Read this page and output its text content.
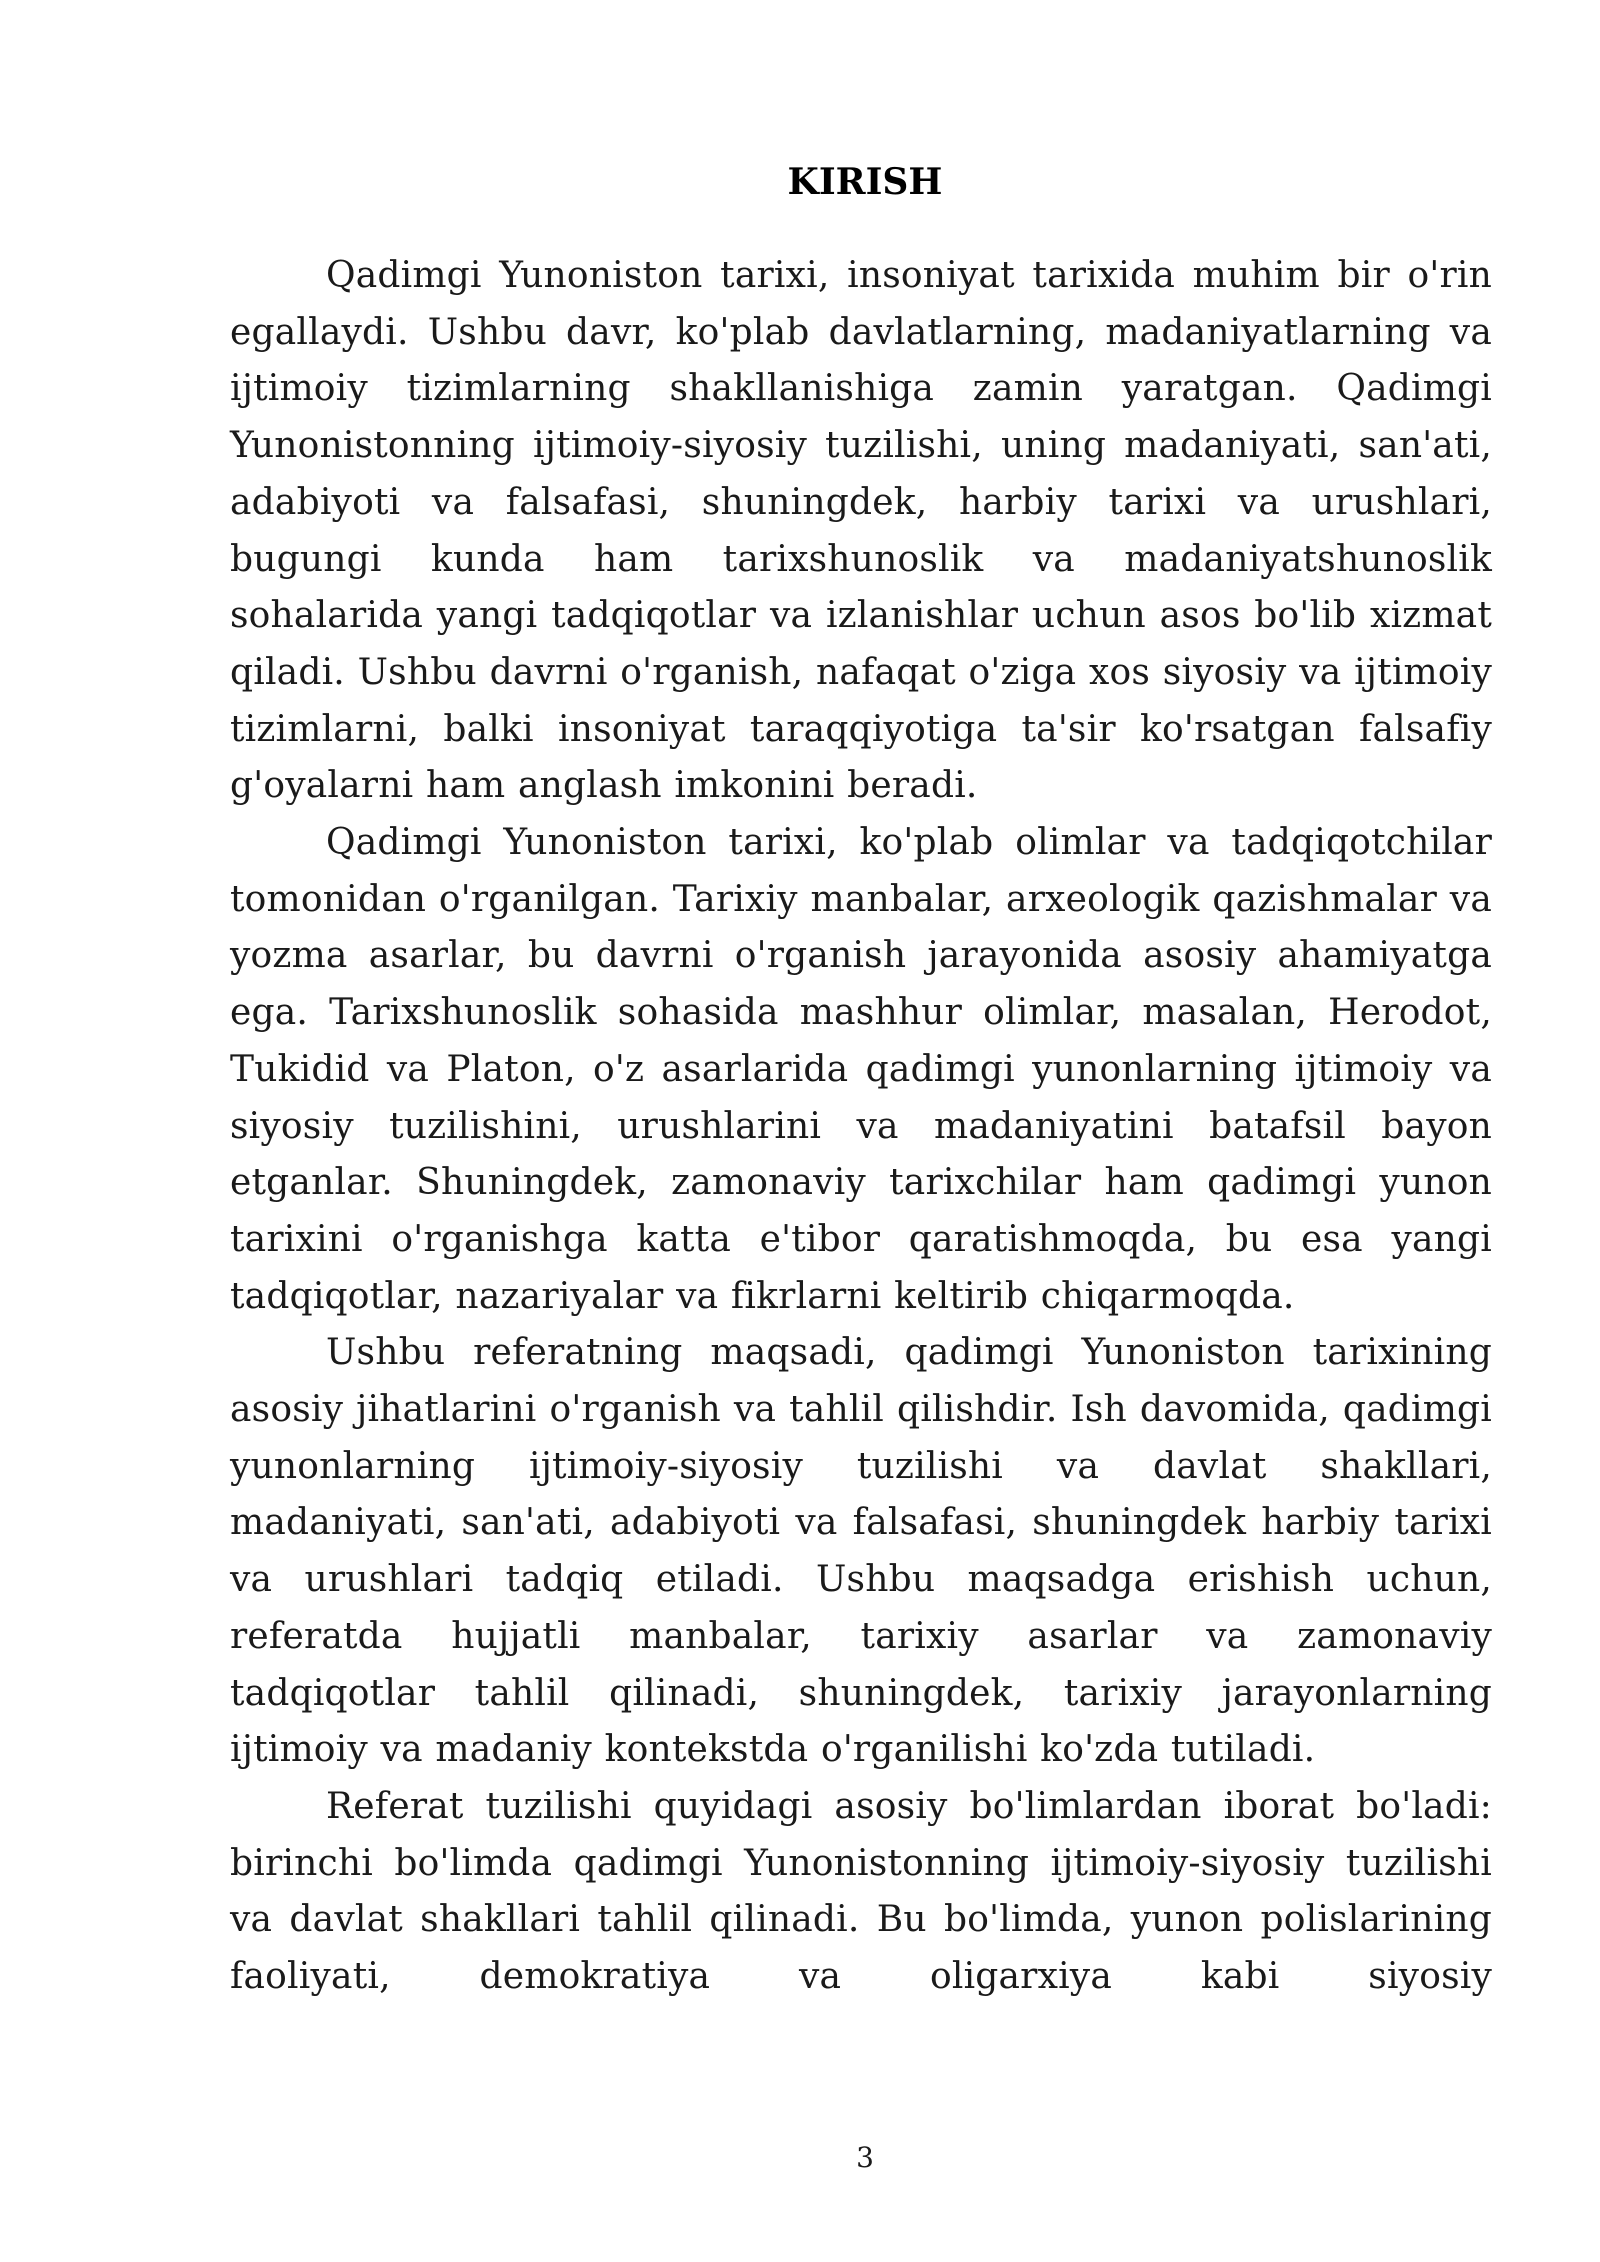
KIRISH

Qadimgi Yunoniston tarixi, insoniyat tarixida muhim bir o'rin egallaydi. Ushbu davr, ko'plab davlatlarning, madaniyatlarning va ijtimoiy tizimlarning shakllanishiga zamin yaratgan. Qadimgi Yunonistonning ijtimoiy-siyosiy tuzilishi, uning madaniyati, san'ati, adabiyoti va falsafasi, shuningdek, harbiy tarixi va urushlari, bugungi kunda ham tarixshunoslik va madaniyatshunoslik sohalarida yangi tadqiqotlar va izlanishlar uchun asos bo'lib xizmat qiladi. Ushbu davrni o'rganish, nafaqat o'ziga xos siyosiy va ijtimoiy tizimlarni, balki insoniyat taraqqiyotiga ta'sir ko'rsatgan falsafiy g'oyalarni ham anglash imkonini beradi.

Qadimgi Yunoniston tarixi, ko'plab olimlar va tadqiqotchilar tomonidan o'rganilgan. Tarixiy manbalar, arxeologik qazishmalar va yozma asarlar, bu davrni o'rganish jarayonida asosiy ahamiyatga ega. Tarixshunoslik sohasida mashhur olimlar, masalan, Herodot, Tukidid va Platon, o'z asarlarida qadimgi yunonlarning ijtimoiy va siyosiy tuzilishini, urushlarini va madaniyatini batafsil bayon etganlar. Shuningdek, zamonaviy tarixchilar ham qadimgi yunon tarixini o'rganishga katta e'tibor qaratishmoqda, bu esa yangi tadqiqotlar, nazariyalar va fikrlarni keltirib chiqarmoqda.

Ushbu referatning maqsadi, qadimgi Yunoniston tarixining asosiy jihatlarini o'rganish va tahlil qilishdir. Ish davomida, qadimgi yunonlarning ijtimoiy-siyosiy tuzilishi va davlat shakllari, madaniyati, san'ati, adabiyoti va falsafasi, shuningdek harbiy tarixi va urushlari tadqiq etiladi. Ushbu maqsadga erishish uchun, referatda hujjatli manbalar, tarixiy asarlar va zamonaviy tadqiqotlar tahlil qilinadi, shuningdek, tarixiy jarayonlarning ijtimoiy va madaniy kontekstda o'rganilishi ko'zda tutiladi.

Referat tuzilishi quyidagi asosiy bo'limlardan iborat bo'ladi: birinchi bo'limda qadimgi Yunonistonning ijtimoiy-siyosiy tuzilishi va davlat shakllari tahlil qilinadi. Bu bo'limda, yunon polislarining faoliyati, demokratiya va oligarxiya kabi siyosiy

3
